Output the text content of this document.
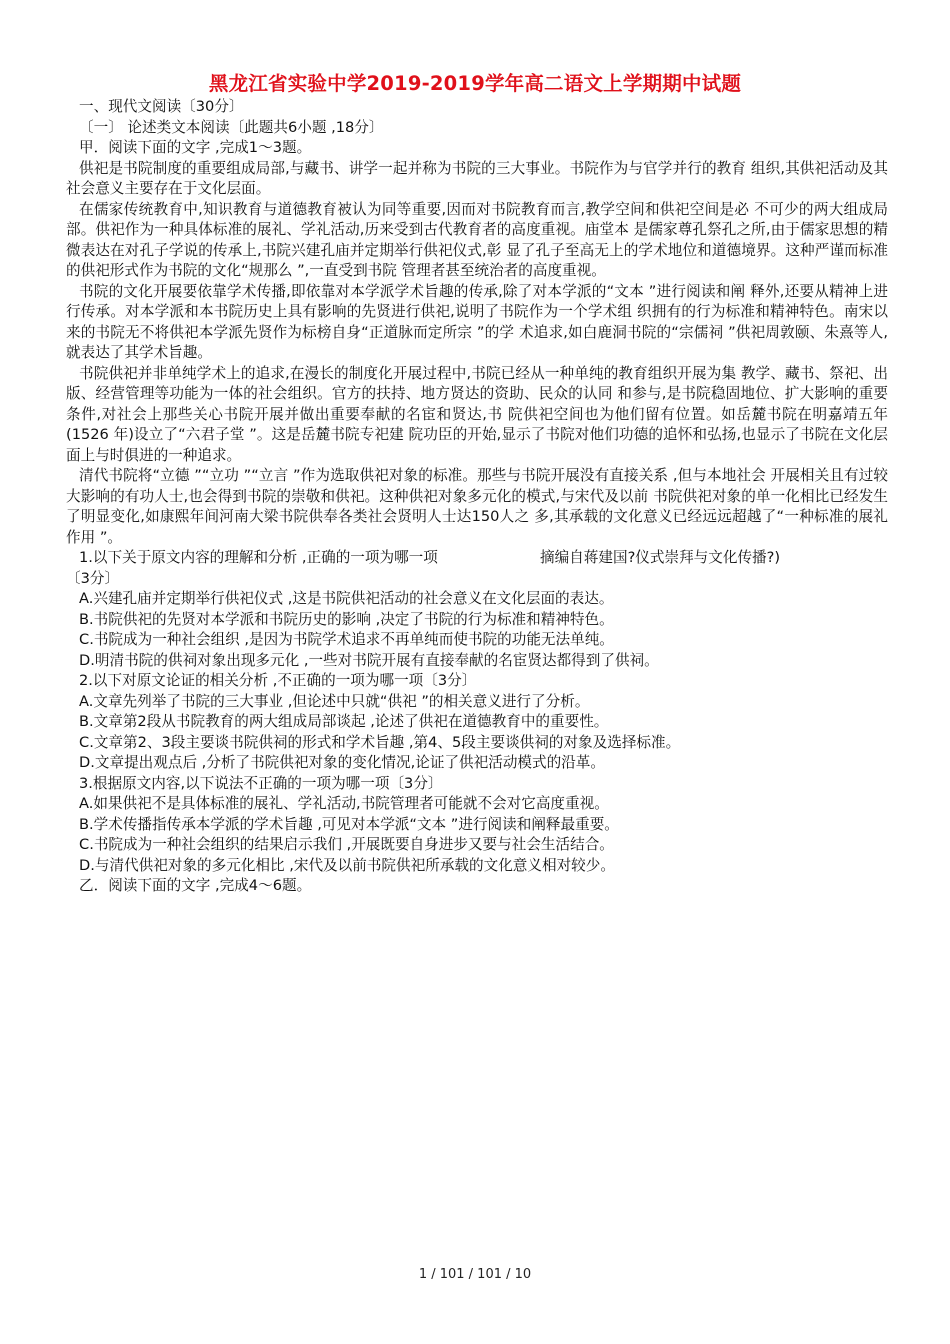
黑龙江省实验中学2019-2019学年高二语文上学期期中试题

一、现代文阅读〔30分〕

〔一〕 论述类文本阅读〔此题共6小题 ,18分〕

甲．阅读下面的文字 ,完成1～3题。

供祀是书院制度的重要组成局部,与藏书、讲学一起并称为书院的三大事业。书院作为与官学并行的教育 组织,其供祀活动及其社会意义主要存在于文化层面。

在儒家传统教育中,知识教育与道德教育被认为同等重要,因而对书院教育而言,教学空间和供祀空间是必 不可少的两大组成局部。供祀作为一种具体标准的展礼、学礼活动,历来受到古代教育者的高度重视。庙堂本 是儒家尊孔祭孔之所,由于儒家思想的精微表达在对孔子学说的传承上,书院兴建孔庙并定期举行供祀仪式,彰 显了孔子至高无上的学术地位和道德境界。这种严谨而标准的供祀形式作为书院的文化“规那么 ”,一直受到书院 管理者甚至统治者的高度重视。

书院的文化开展要依靠学术传播,即依靠对本学派学术旨趣的传承,除了对本学派的“文本 ”进行阅读和阐 释外,还要从精神上进行传承。对本学派和本书院历史上具有影响的先贤进行供祀,说明了书院作为一个学术组 织拥有的行为标准和精神特色。南宋以来的书院无不将供祀本学派先贤作为标榜自身“正道脉而定所宗 ”的学 术追求,如白鹿洞书院的“宗儒祠 ”供祀周敦颐、朱熹等人,就表达了其学术旨趣。

书院供祀并非单纯学术上的追求,在漫长的制度化开展过程中,书院已经从一种单纯的教育组织开展为集 教学、藏书、祭祀、出版、经营管理等功能为一体的社会组织。官方的扶持、地方贤达的资助、民众的认同 和参与,是书院稳固地位、扩大影响的重要条件,对社会上那些关心书院开展并做出重要奉献的名宦和贤达,书 院供祀空间也为他们留有位置。如岳麓书院在明嘉靖五年(1526 年)设立了“六君子堂 ”。这是岳麓书院专祀建 院功臣的开始,显示了书院对他们功德的追怀和弘扬,也显示了书院在文化层面上与时俱进的一种追求。

清代书院将“立德 ”“立功 ”“立言 ”作为选取供祀对象的标准。那些与书院开展没有直接关系 ,但与本地社会 开展相关且有过较大影响的有功人士,也会得到书院的崇敬和供祀。这种供祀对象多元化的模式,与宋代及以前 书院供祀对象的单一化相比已经发生了明显变化,如康熙年间河南大梁书院供奉各类社会贤明人士达150人之 多,其承载的文化意义已经远远超越了“一种标准的展礼作用 ”。

1.以下关于原文内容的理解和分析 ,正确的一项为哪一项	摘编自蒋建国?仪式崇拜与文化传播?)

〔3分〕

A.兴建孔庙并定期举行供祀仪式 ,这是书院供祀活动的社会意义在文化层面的表达。

B.书院供祀的先贤对本学派和书院历史的影响 ,决定了书院的行为标准和精神特色。

C.书院成为一种社会组织 ,是因为书院学术追求不再单纯而使书院的功能无法单纯。

D.明清书院的供祠对象出现多元化 ,一些对书院开展有直接奉献的名宦贤达都得到了供祠。

2.以下对原文论证的相关分析 ,不正确的一项为哪一项〔3分〕

A.文章先列举了书院的三大事业 ,但论述中只就“供祀 ”的相关意义进行了分析。

B.文章第2段从书院教育的两大组成局部谈起 ,论述了供祀在道德教育中的重要性。

C.文章第2、3段主要谈书院供祠的形式和学术旨趣 ,第4、5段主要谈供祠的对象及选择标准。

D.文章提出观点后 ,分析了书院供祀对象的变化情况,论证了供祀活动模式的沿革。

3.根据原文内容,以下说法不正确的一项为哪一项〔3分〕

A.如果供祀不是具体标准的展礼、学礼活动,书院管理者可能就不会对它高度重视。

B.学术传播指传承本学派的学术旨趣 ,可见对本学派“文本 ”进行阅读和阐释最重要。

C.书院成为一种社会组织的结果启示我们 ,开展既要自身进步又要与社会生活结合。

D.与清代供祀对象的多元化相比 ,宋代及以前书院供祀所承载的文化意义相对较少。

乙．阅读下面的文字 ,完成4～6题。

1 / 101 / 101 / 10
